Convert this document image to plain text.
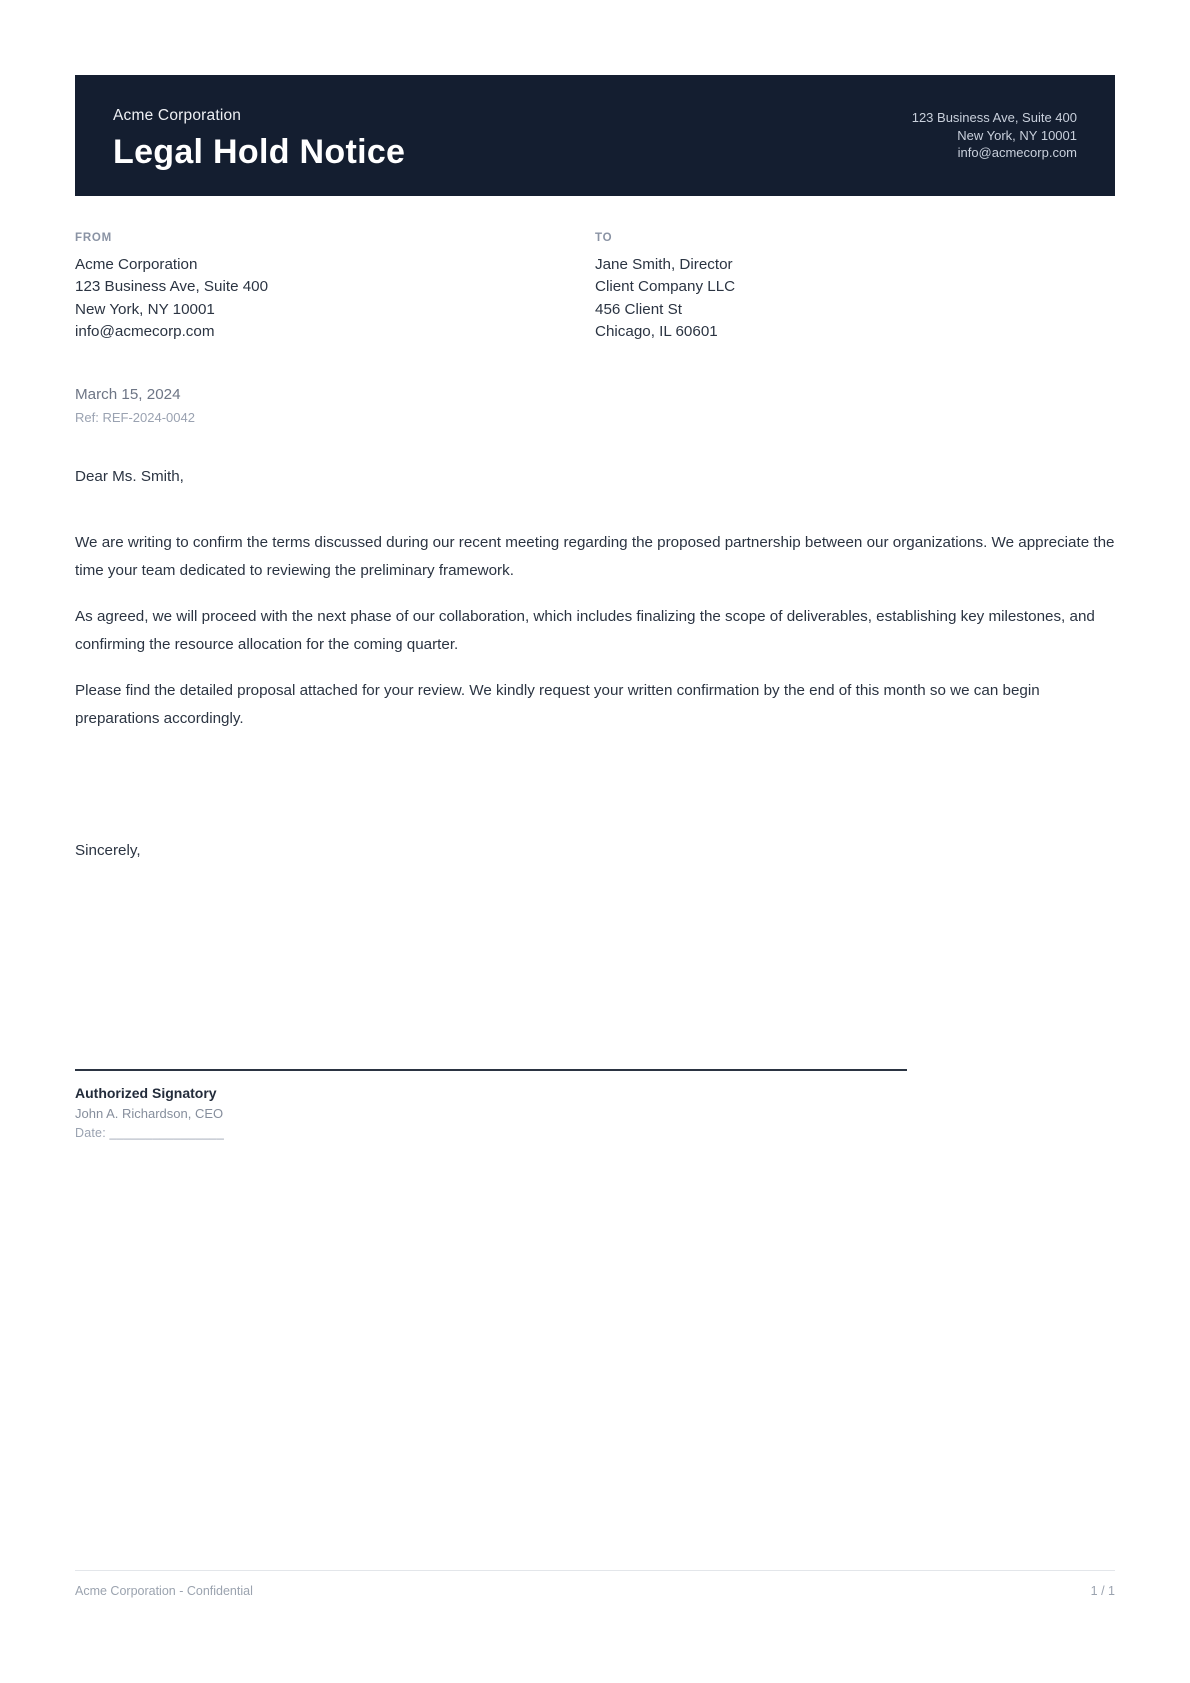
Acme Corporation
Legal Hold Notice
123 Business Ave, Suite 400
New York, NY 10001
info@acmecorp.com
FROM
Acme Corporation
123 Business Ave, Suite 400
New York, NY 10001
info@acmecorp.com
TO
Jane Smith, Director
Client Company LLC
456 Client St
Chicago, IL 60601
March 15, 2024
Ref: REF-2024-0042

Dear Ms. Smith,

We are writing to confirm the terms discussed during our recent meeting regarding the proposed partnership between our organizations. We appreciate the time your team dedicated to reviewing the preliminary framework.

As agreed, we will proceed with the next phase of our collaboration, which includes finalizing the scope of deliverables, establishing key milestones, and confirming the resource allocation for the coming quarter.

Please find the detailed proposal attached for your review. We kindly request your written confirmation by the end of this month so we can begin preparations accordingly.

Sincerely,

Authorized Signatory
John A. Richardson, CEO
Date: ________________
Acme Corporation - Confidential	1 / 1
